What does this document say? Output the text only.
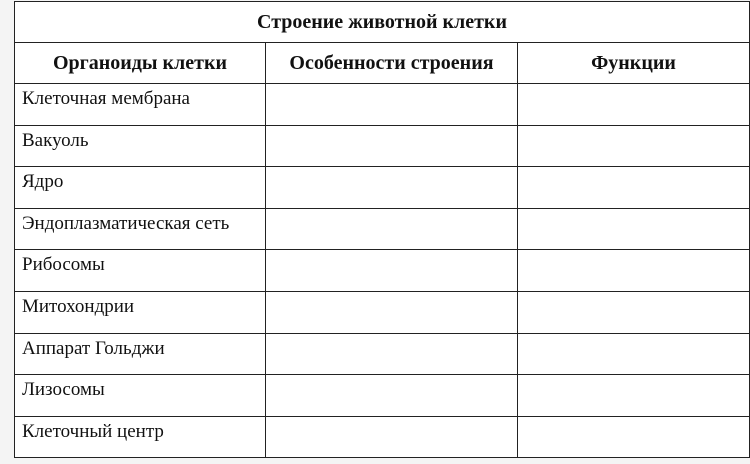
Строение животной клетки		
Органоиды клетки	Особенности строения	Функции
Клеточная мембрана		
Вакуоль		
Ядро		
Эндоплазматическая сеть		
Рибосомы		
Митохондрии		
Аппарат Гольджи		
Лизосомы		
Клеточный центр		
